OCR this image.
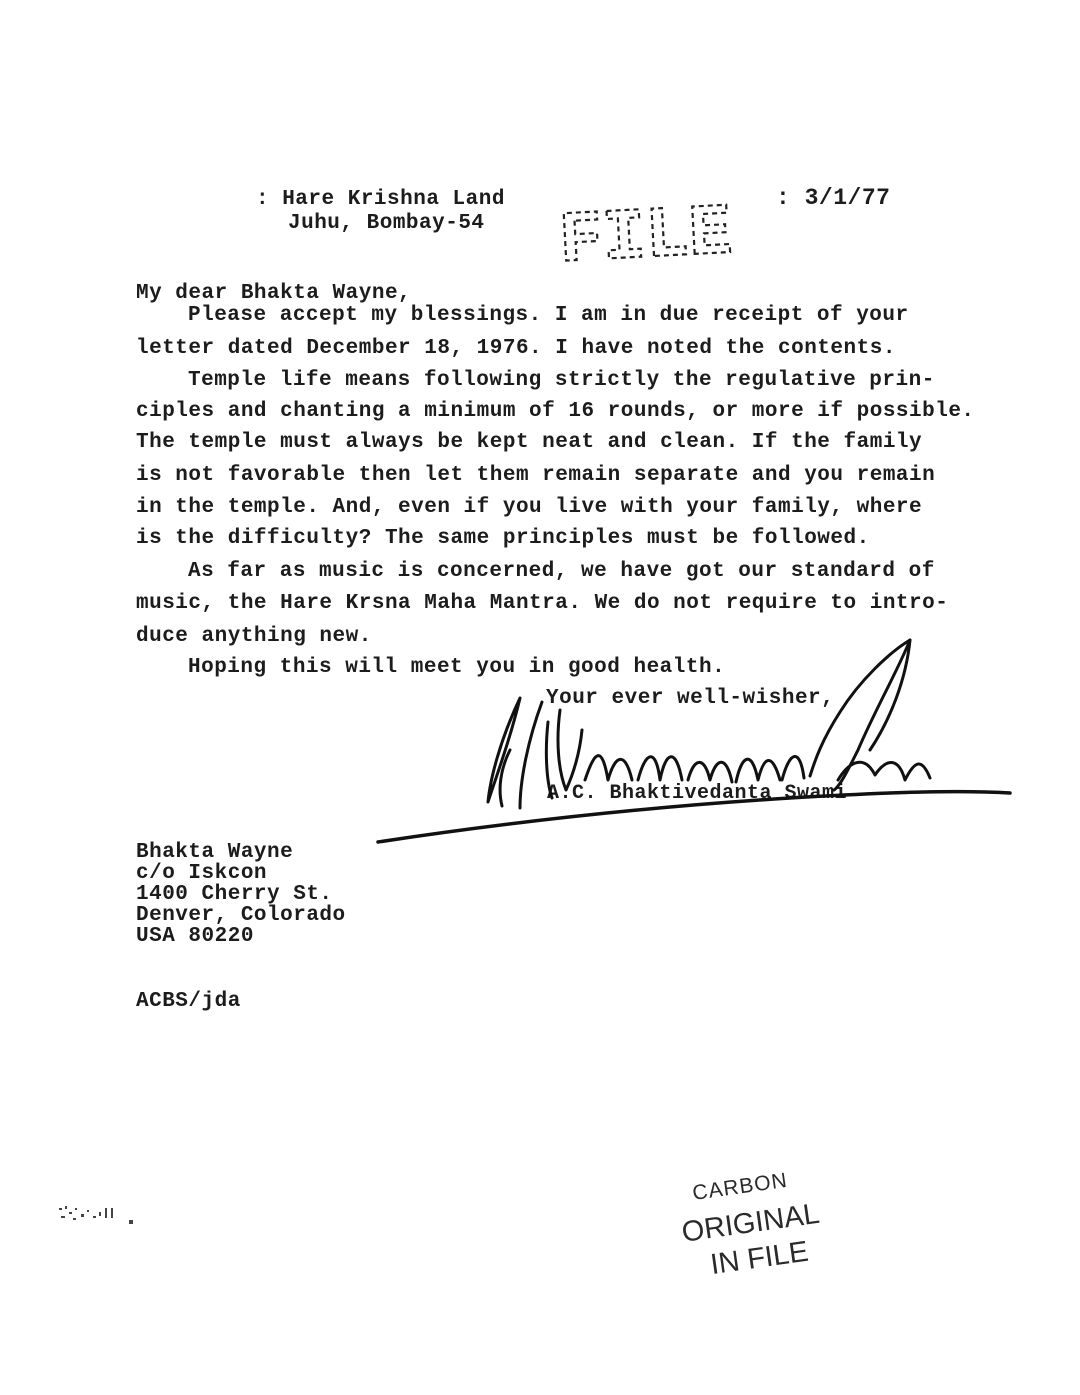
: Hare Krishna Land
Juhu, Bombay-54
: 3/1/77
FILE
My dear Bhakta Wayne,
Please accept my blessings. I am in due receipt of your
letter dated December 18, 1976. I have noted the contents.
Temple life means following strictly the regulative prin-
ciples and chanting a minimum of 16 rounds, or more if possible.
The temple must always be kept neat and clean. If the family
is not favorable then let them remain separate and you remain
in the temple. And, even if you live with your family, where
is the difficulty? The same principles must be followed.
As far as music is concerned, we have got our standard of
music, the Hare Krsna Maha Mantra. We do not require to intro-
duce anything new.
Hoping this will meet you in good health.
Your ever well-wisher,
A.C. Bhaktivedanta Swami
Bhakta Wayne
c/o Iskcon
1400 Cherry St.
Denver, Colorado
USA 80220
ACBS/jda
CARBON
ORIGINAL
IN FILE
